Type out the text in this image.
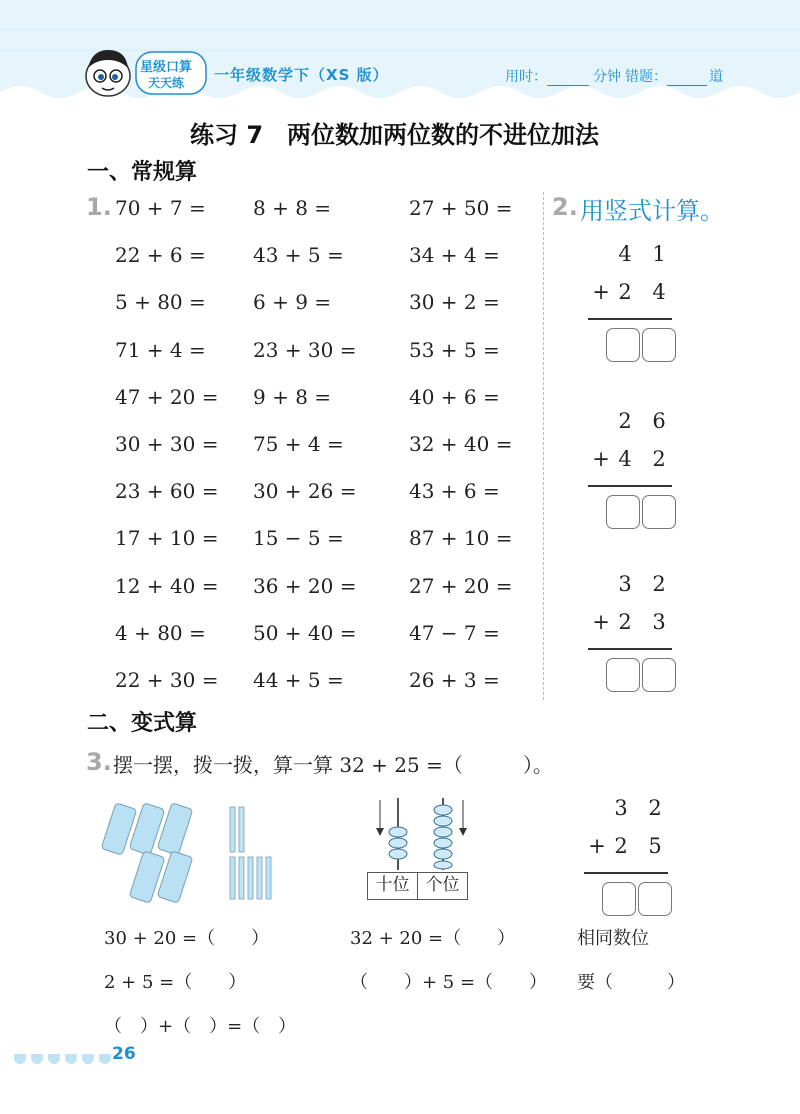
星级口算
天天练 一年级数学下（XS 版）	用时：	分钟 错题：	道
练习 7　两位数加两位数的不进位加法
一、常规算
1. 70 + 7 = 8 + 8 =	27 + 50 =
22 + 6 = 43 + 5 =	34 + 4 =
5 + 80 = 6 + 9 =	30 + 2 =
71 + 4 = 23 + 30 =	53 + 5 =
47 + 20 = 9 + 8 =	40 + 6 =
30 + 30 = 75 + 4 =	32 + 40 =
23 + 60 = 30 + 26 =	43 + 6 =
17 + 10 = 15 − 5 =	87 + 10 =
12 + 40 = 36 + 20 =	27 + 20 =
4 + 80 = 50 + 40 =	47 − 7 =
22 + 30 = 44 + 5 =	26 + 3 =
2. 用竖式计算。
4 1
+ 2 4
2 6
+ 4 2
3 2
+ 2 3
二、变式算
3. 摆一摆，拨一拨，算一算 32 + 25 =（　　　）。
十位 个位
3 2
+ 2 5
30 + 20 =（　　）
2 + 5 =（　　）
（　）+（　）=（　）
32 + 20 =（　　）
（　　）+ 5 =（　　）
相同数位
要（　　　）
26
